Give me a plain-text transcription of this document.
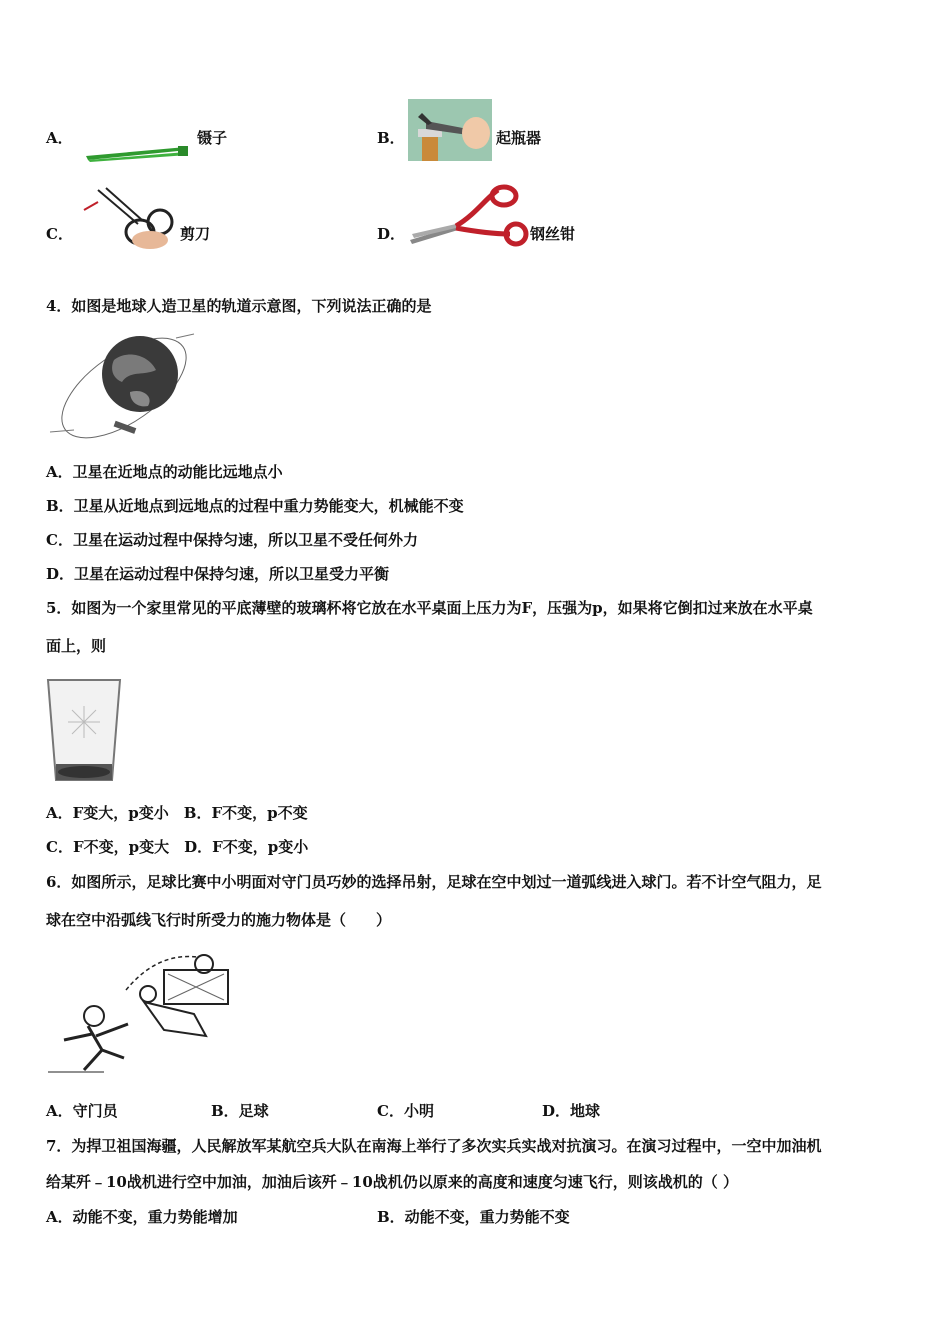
A．	镊子	B．	起瓶器
C．	剪刀	D．	钢丝钳
4．如图是地球人造卫星的轨道示意图，下列说法正确的是
A．卫星在近地点的动能比远地点小
B．卫星从近地点到远地点的过程中重力势能变大，机械能不变
C．卫星在运动过程中保持匀速，所以卫星不受任何外力
D．卫星在运动过程中保持匀速，所以卫星受力平衡
5．如图为一个家里常见的平底薄壁的玻璃杯将它放在水平桌面上压力为F，压强为p，如果将它倒扣过来放在水平桌
面上，则
A．F变大，p变小　B．F不变，p不变
C．F不变，p变大　D．F不变，p变小
6．如图所示，足球比赛中小明面对守门员巧妙的选择吊射，足球在空中划过一道弧线进入球门。若不计空气阻力，足
球在空中沿弧线飞行时所受力的施力物体是（　　）
A．守门员	B．足球	C．小明	D．地球
7．为捍卫祖国海疆，人民解放军某航空兵大队在南海上举行了多次实兵实战对抗演习。在演习过程中，一空中加油机
给某歼﹣10战机进行空中加油，加油后该歼﹣10战机仍以原来的高度和速度匀速飞行，则该战机的（ ）
A．动能不变，重力势能增加	B．动能不变，重力势能不变
